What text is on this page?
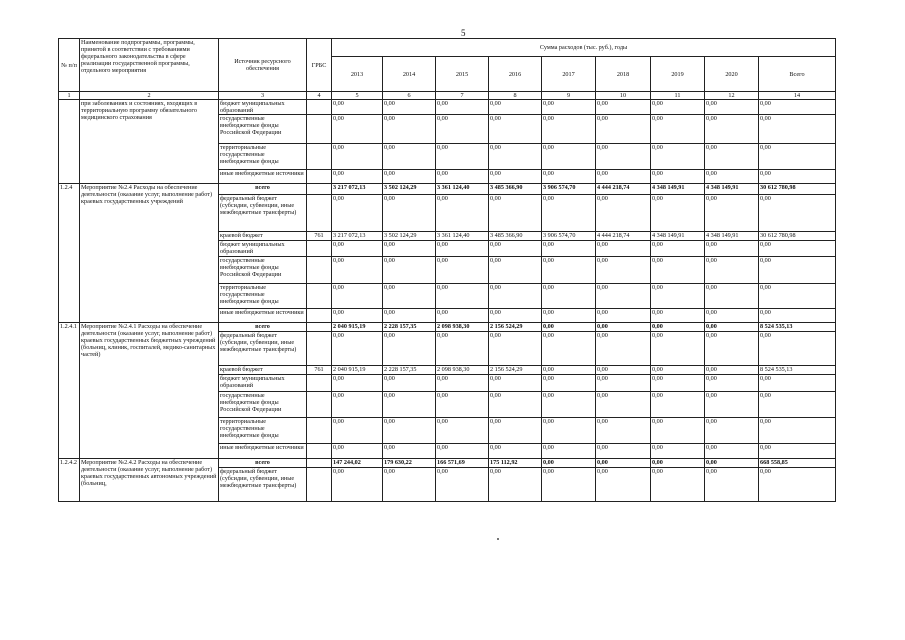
5
№ п/п	Наименование подпрограммы, программы, принятой в соответствии с требованиями федерального законодательства в сфере реализации государственной программы, отдельного мероприятия	Источник ресурсного обеспечения	ГРБС	Сумма расходов (тыс. руб.), годы								
				2013	2014	2015	2016	2017	2018	2019	2020	Всего
1	2	3	4	5	6	7	8	9	10	11	12	14
	при заболеваниях и состояниях, входящих в территориальную программу обязательного медицинского страхования	бюджет муниципальных образований		0,00	0,00	0,00	0,00	0,00	0,00	0,00	0,00	0,00
		государственные внебюджетные фонды Российской Федерации		0,00	0,00	0,00	0,00	0,00	0,00	0,00	0,00	0,00
		территориальные государственные внебюджетные фонды		0,00	0,00	0,00	0,00	0,00	0,00	0,00	0,00	0,00
		иные внебюджетные источники		0,00	0,00	0,00	0,00	0,00	0,00	0,00	0,00	0,00
1.2.4	Мероприятие №2.4 Расходы на обеспечение деятельности (оказание услуг, выполнение работ) краевых государственных учреждений	всего		3 217 072,13	3 502 124,29	3 361 124,40	3 485 366,90	3 906 574,70	4 444 218,74	4 348 149,91	4 348 149,91	30 612 780,98
		федеральный бюджет (субсидии, субвенции, иные межбюджетные трансферты)		0,00	0,00	0,00	0,00	0,00	0,00	0,00	0,00	0,00
		краевой бюджет	761	3 217 072,13	3 502 124,29	3 361 124,40	3 485 366,90	3 906 574,70	4 444 218,74	4 348 149,91	4 348 149,91	30 612 780,98
		бюджет муниципальных образований		0,00	0,00	0,00	0,00	0,00	0,00	0,00	0,00	0,00
		государственные внебюджетные фонды Российской Федерации		0,00	0,00	0,00	0,00	0,00	0,00	0,00	0,00	0,00
		территориальные государственные внебюджетные фонды		0,00	0,00	0,00	0,00	0,00	0,00	0,00	0,00	0,00
		иные внебюджетные источники		0,00	0,00	0,00	0,00	0,00	0,00	0,00	0,00	0,00
1.2.4.1	Мероприятие №2.4.1 Расходы на обеспечение деятельности (оказание услуг, выполнение работ) краевых государственных бюджетных учреждений (больниц, клиник, госпиталей, медико-санитарных частей)	всего		2 040 915,19	2 228 157,35	2 098 938,30	2 156 524,29	0,00	0,00	0,00	0,00	8 524 535,13
		федеральный бюджет (субсидии, субвенции, иные межбюджетные трансферты)		0,00	0,00	0,00	0,00	0,00	0,00	0,00	0,00	0,00
		краевой бюджет	761	2 040 915,19	2 228 157,35	2 098 938,30	2 156 524,29	0,00	0,00	0,00	0,00	8 524 535,13
		бюджет муниципальных образований		0,00	0,00	0,00	0,00	0,00	0,00	0,00	0,00	0,00
		государственные внебюджетные фонды Российской Федерации		0,00	0,00	0,00	0,00	0,00	0,00	0,00	0,00	0,00
		территориальные государственные внебюджетные фонды		0,00	0,00	0,00	0,00	0,00	0,00	0,00	0,00	0,00
		иные внебюджетные источники		0,00	0,00	0,00	0,00	0,00	0,00	0,00	0,00	0,00
1.2.4.2	Мероприятие №2.4.2 Расходы на обеспечение деятельности (оказание услуг, выполнение работ) краевых государственных автономных учреждений (больниц,	всего		147 244,02	179 630,22	166 571,69	175 112,92	0,00	0,00	0,00	0,00	668 558,85
		федеральный бюджет (субсидии, субвенции, иные межбюджетные трансферты)		0,00	0,00	0,00	0,00	0,00	0,00	0,00	0,00	0,00
